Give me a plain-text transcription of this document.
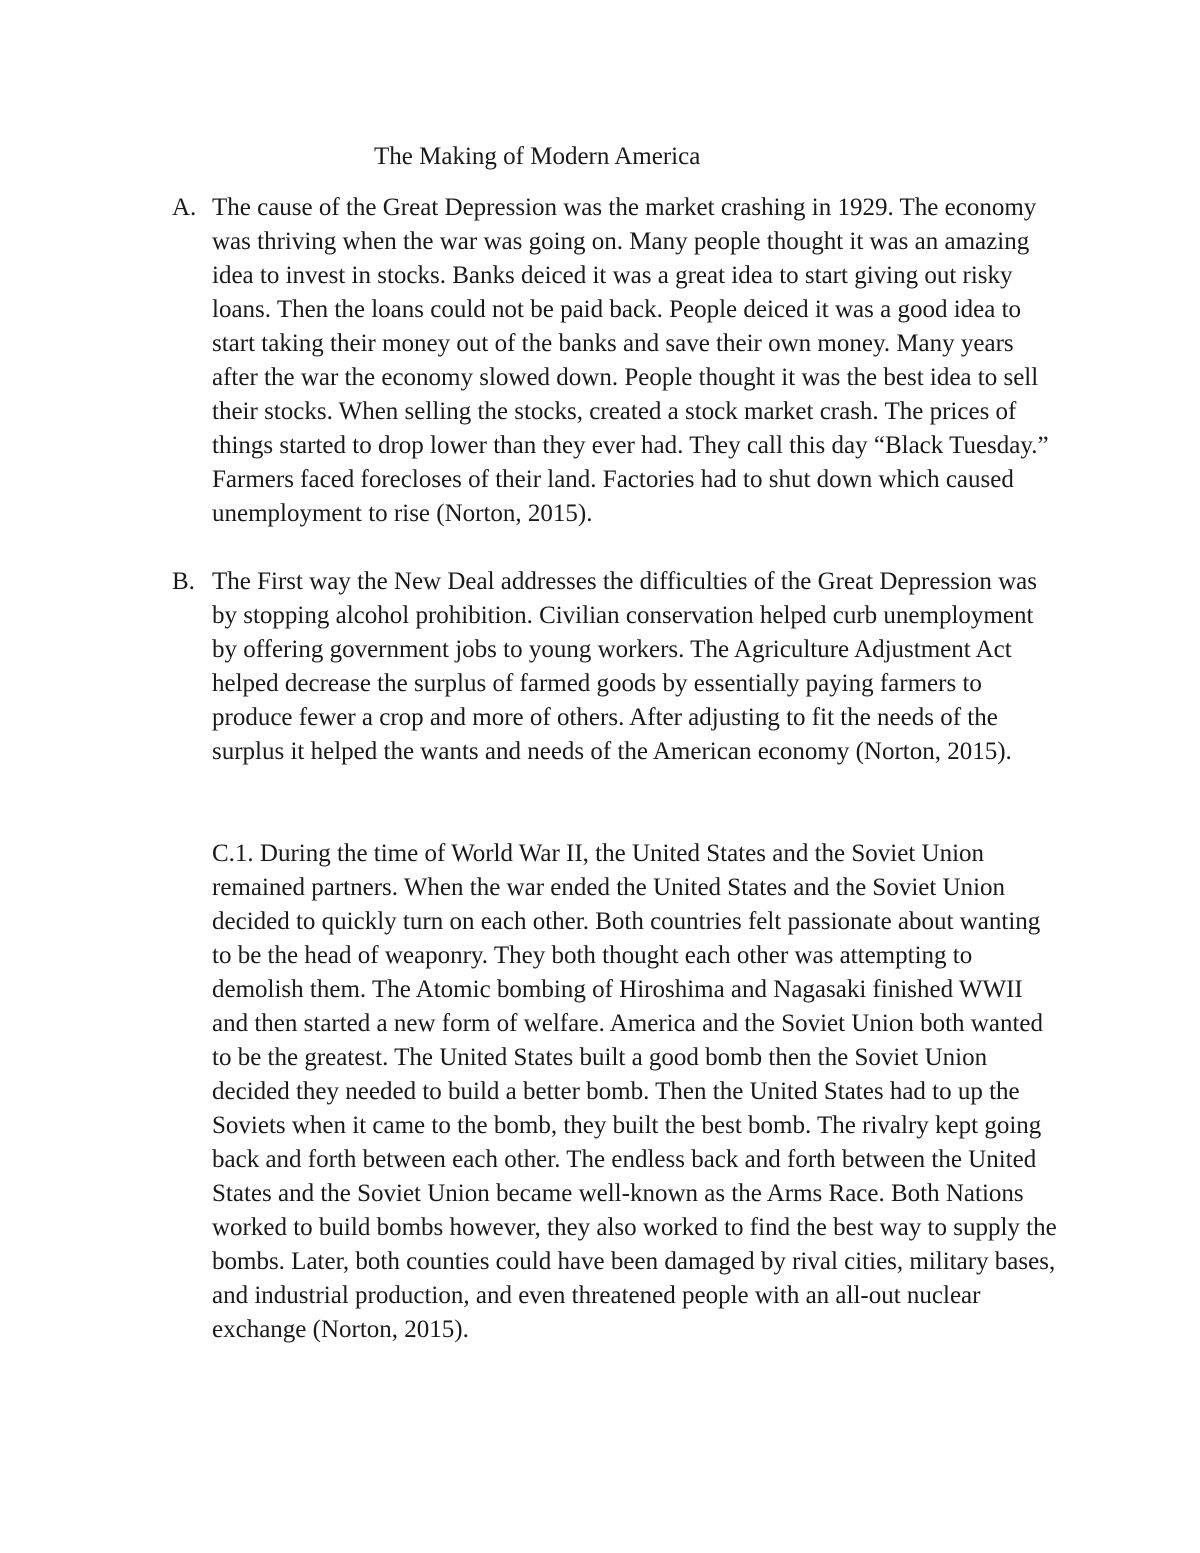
The Making of Modern America
A. The cause of the Great Depression was the market crashing in 1929. The economy was thriving when the war was going on. Many people thought it was an amazing idea to invest in stocks. Banks deiced it was a great idea to start giving out risky loans. Then the loans could not be paid back. People deiced it was a good idea to start taking their money out of the banks and save their own money. Many years after the war the economy slowed down. People thought it was the best idea to sell their stocks. When selling the stocks, created a stock market crash. The prices of things started to drop lower than they ever had. They call this day “Black Tuesday.” Farmers faced forecloses of their land. Factories had to shut down which caused unemployment to rise (Norton, 2015).
B. The First way the New Deal addresses the difficulties of the Great Depression was by stopping alcohol prohibition. Civilian conservation helped curb unemployment by offering government jobs to young workers. The Agriculture Adjustment Act helped decrease the surplus of farmed goods by essentially paying farmers to produce fewer a crop and more of others. After adjusting to fit the needs of the surplus it helped the wants and needs of the American economy (Norton, 2015).
C.1. During the time of World War II, the United States and the Soviet Union remained partners. When the war ended the United States and the Soviet Union decided to quickly turn on each other. Both countries felt passionate about wanting to be the head of weaponry. They both thought each other was attempting to demolish them. The Atomic bombing of Hiroshima and Nagasaki finished WWII and then started a new form of welfare. America and the Soviet Union both wanted to be the greatest. The United States built a good bomb then the Soviet Union decided they needed to build a better bomb. Then the United States had to up the Soviets when it came to the bomb, they built the best bomb. The rivalry kept going back and forth between each other. The endless back and forth between the United States and the Soviet Union became well-known as the Arms Race. Both Nations worked to build bombs however, they also worked to find the best way to supply the bombs. Later, both counties could have been damaged by rival cities, military bases, and industrial production, and even threatened people with an all-out nuclear exchange (Norton, 2015).
